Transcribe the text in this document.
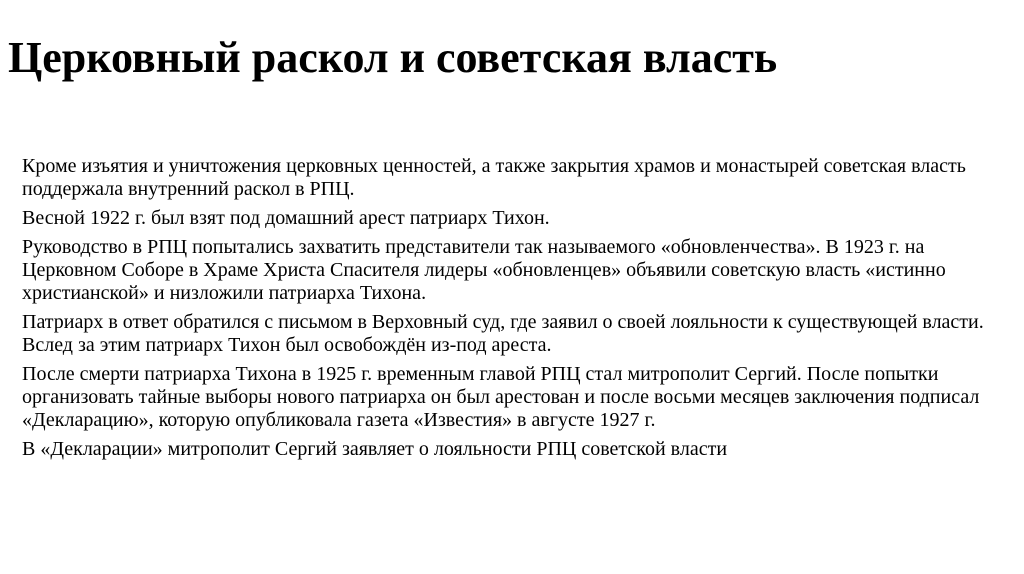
Церковный раскол и советская власть

Кроме изъятия и уничтожения церковных ценностей, а также закрытия храмов и монастырей советская власть поддержала внутренний раскол в РПЦ.

Весной 1922 г. был взят под домашний арест патриарх Тихон.

Руководство в РПЦ попытались захватить представители так называемого «обновленчества». В 1923 г. на Церковном Соборе в Храме Христа Спасителя лидеры «обновленцев» объявили советскую власть «истинно христианской» и низложили патриарха Тихона.

Патриарх в ответ обратился с письмом в Верховный суд, где заявил о своей лояльности к существующей власти. Вслед за этим патриарх Тихон был освобождён из-под ареста.

После смерти патриарха Тихона в 1925 г. временным главой РПЦ стал митрополит Сергий. После попытки организовать тайные выборы нового патриарха он был арестован и после восьми месяцев заключения подписал «Декларацию», которую опубликовала газета «Известия» в августе 1927 г.

В «Декларации» митрополит Сергий заявляет о лояльности РПЦ советской власти
